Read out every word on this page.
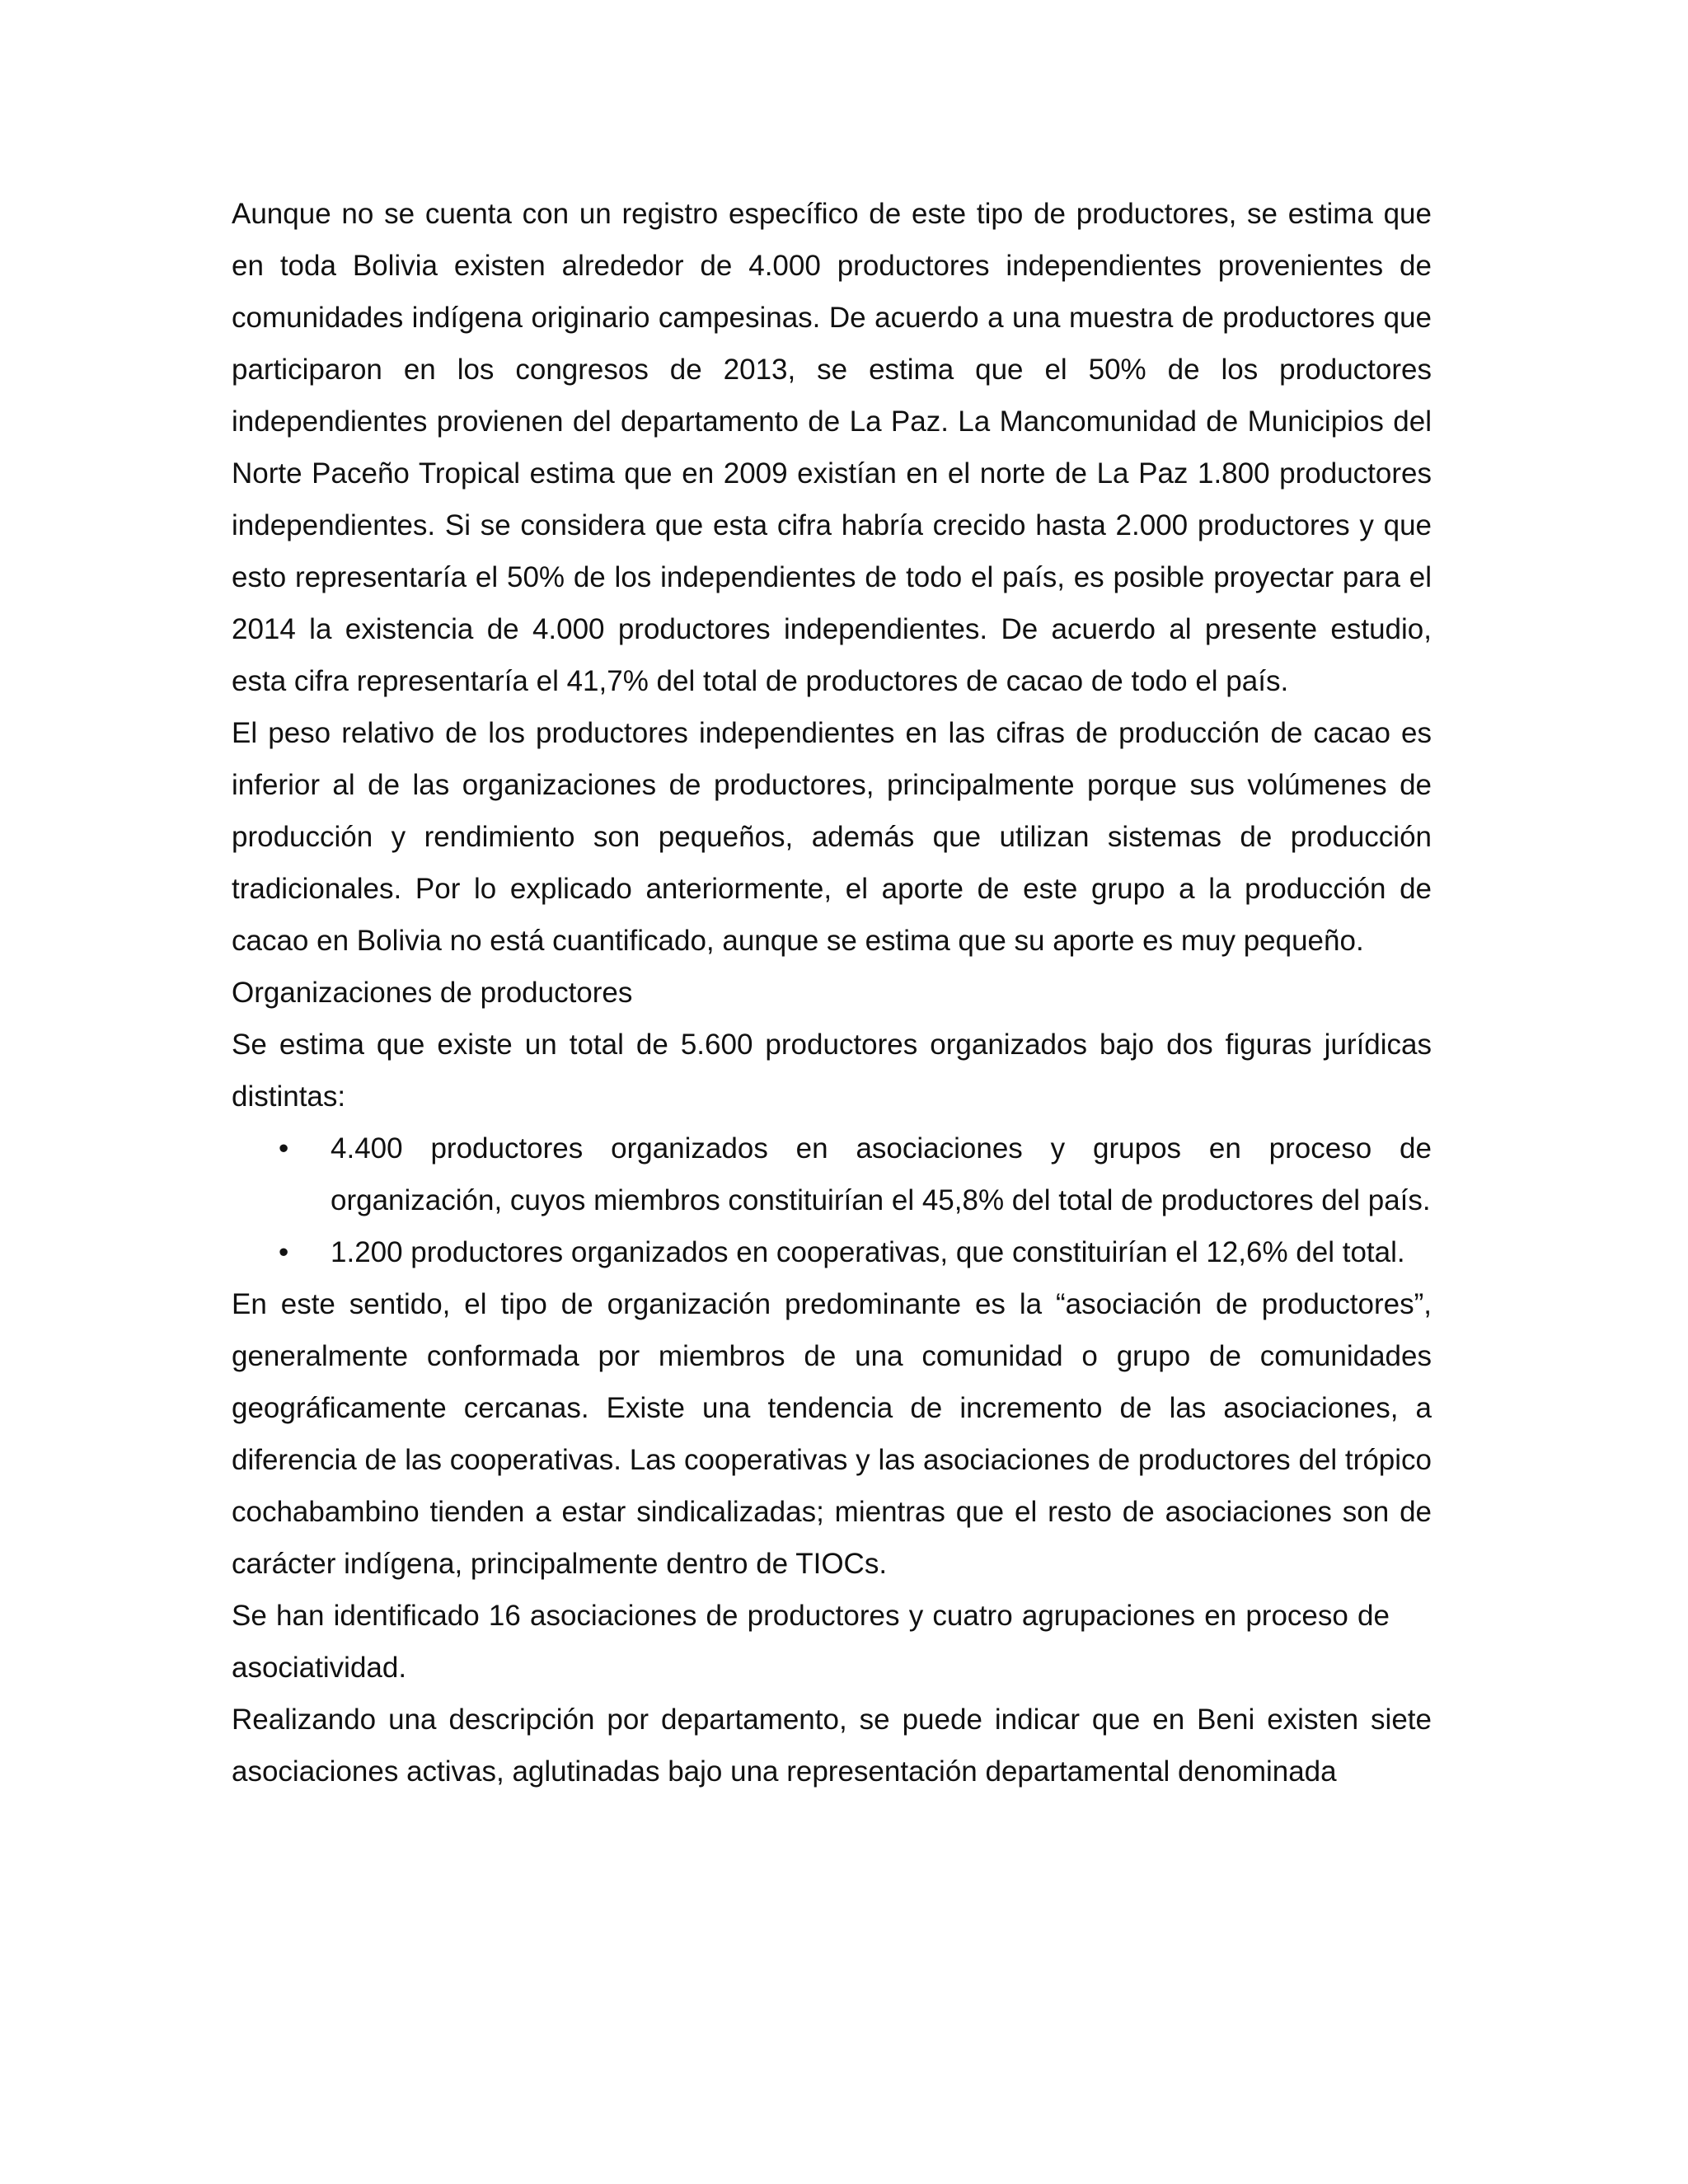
Aunque no se cuenta con un registro específico de este tipo de productores, se estima que en toda Bolivia existen alrededor de 4.000 productores independientes provenientes de comunidades indígena originario campesinas. De acuerdo a una muestra de productores que participaron en los congresos de 2013, se estima que el 50% de los productores independientes provienen del departamento de La Paz. La Mancomunidad de Municipios del Norte Paceño Tropical estima que en 2009 existían en el norte de La Paz 1.800 productores independientes. Si se considera que esta cifra habría crecido hasta 2.000 productores y que esto representaría el 50% de los independientes de todo el país, es posible proyectar para el 2014 la existencia de 4.000 productores independientes. De acuerdo al presente estudio, esta cifra representaría el 41,7% del total de productores de cacao de todo el país.

El peso relativo de los productores independientes en las cifras de producción de cacao es inferior al de las organizaciones de productores, principalmente porque sus volúmenes de producción y rendimiento son pequeños, además que utilizan sistemas de producción tradicionales. Por lo explicado anteriormente, el aporte de este grupo a la producción de cacao en Bolivia no está cuantificado, aunque se estima que su aporte es muy pequeño.

Organizaciones de productores

Se estima que existe un total de 5.600 productores organizados bajo dos figuras jurídicas distintas:

• 4.400 productores organizados en asociaciones y grupos en proceso de organización, cuyos miembros constituirían el 45,8% del total de productores del país.
• 1.200 productores organizados en cooperativas, que constituirían el 12,6% del total.

En este sentido, el tipo de organización predominante es la “asociación de productores”, generalmente conformada por miembros de una comunidad o grupo de comunidades geográficamente cercanas. Existe una tendencia de incremento de las asociaciones, a diferencia de las cooperativas. Las cooperativas y las asociaciones de productores del trópico cochabambino tienden a estar sindicalizadas; mientras que el resto de asociaciones son de carácter indígena, principalmente dentro de TIOCs.

Se han identificado 16 asociaciones de productores y cuatro agrupaciones en proceso de asociatividad.

Realizando una descripción por departamento, se puede indicar que en Beni existen siete asociaciones activas, aglutinadas bajo una representación departamental denominada
